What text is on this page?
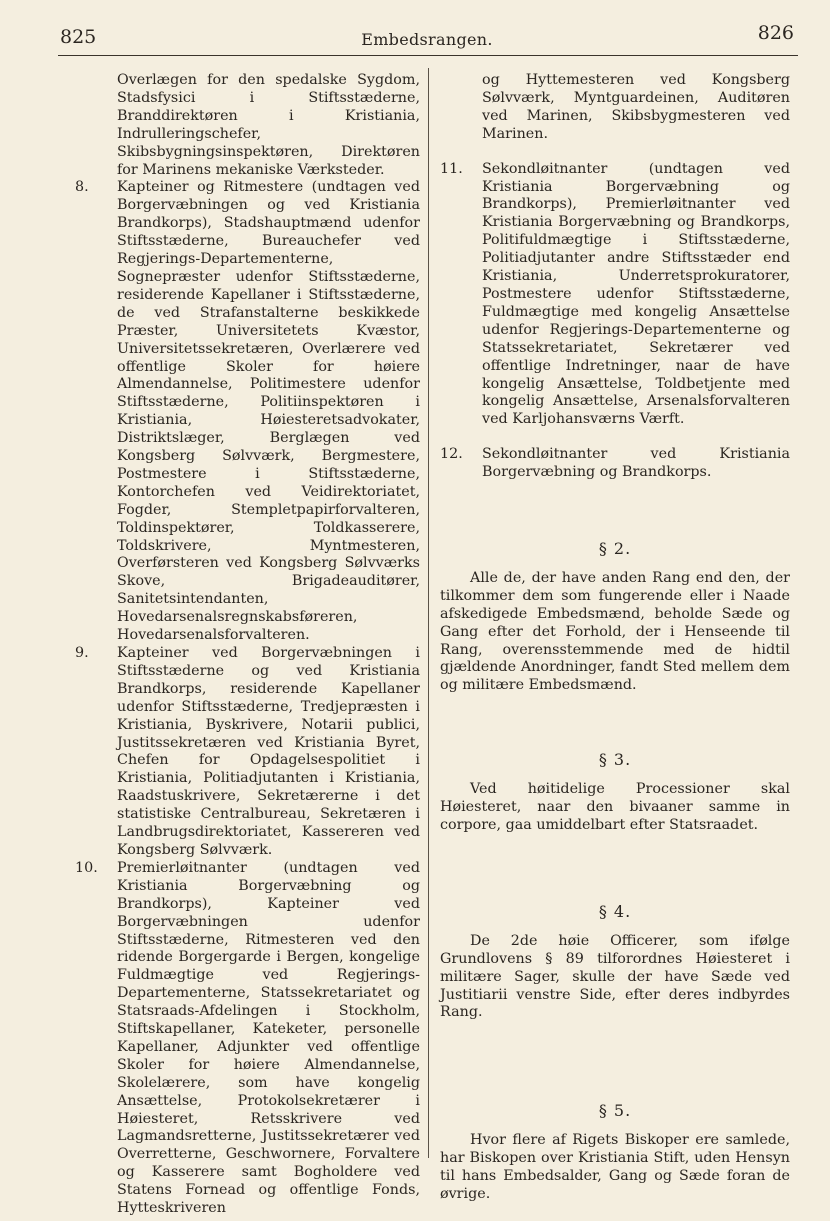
825	Embedsrangen.	826
Overlægen for den spedalske Sygdom, Stadsfysici i Stiftsstæderne, Branddirektøren i Kristiania, Indrulleringschefer, Skibsbygningsinspektøren, Direktøren for Marinens mekaniske Værksteder.
8.	Kapteiner og Ritmestere (undtagen ved Borgervæbningen og ved Kristiania Brandkorps), Stadshauptmænd udenfor Stiftsstæderne, Bureauchefer ved Regjerings-Departementerne, Sognepræster udenfor Stiftsstæderne, residerende Kapellaner i Stiftsstæderne, de ved Strafanstalterne beskikkede Præster, Universitetets Kvæstor, Universitetssekretæren, Overlærere ved offentlige Skoler for høiere Almendannelse, Politimestere udenfor Stiftsstæderne, Politiinspektøren i Kristiania, Høiesteretsadvokater, Distriktslæger, Berglægen ved Kongsberg Sølvværk, Bergmestere, Postmestere i Stiftsstæderne, Kontorchefen ved Veidirektoriatet, Fogder, Stempletpapirforvalteren, Toldinspektører, Toldkasserere, Toldskrivere, Myntmesteren, Overførsteren ved Kongsberg Sølvværks Skove, Brigadeauditører, Sanitetsintendanten, Hovedarsenalsregnskabsføreren, Hovedarsenalsforvalteren.
9.	Kapteiner ved Borgervæbningen i Stiftsstæderne og ved Kristiania Brandkorps, residerende Kapellaner udenfor Stiftsstæderne, Tredjepræsten i Kristiania, Byskrivere, Notarii publici, Justitssekretæren ved Kristiania Byret, Chefen for Opdagelsespolitiet i Kristiania, Politiadjutanten i Kristiania, Raadstuskrivere, Sekretærerne i det statistiske Centralbureau, Sekretæren i Landbrugsdirektoriatet, Kassereren ved Kongsberg Sølvværk.
10.	Premierløitnanter (undtagen ved Kristiania Borgervæbning og Brandkorps), Kapteiner ved Borgervæbningen udenfor Stiftsstæderne, Ritmesteren ved den ridende Borgergarde i Bergen, kongelige Fuldmægtige ved Regjerings-Departementerne, Statssekretariatet og Statsraads-Afdelingen i Stockholm, Stiftskapellaner, Kateketer, personelle Kapellaner, Adjunkter ved offentlige Skoler for høiere Almendannelse, Skolelærere, som have kongelig Ansættelse, Protokolsekretærer i Høiesteret, Retsskrivere ved Lagmandsretterne, Justitssekretærer ved Overretterne, Geschwornere, Forvaltere og Kasserere samt Bogholdere ved Statens Fornead og offentlige Fonds, Hytteskriveren
og Hyttemesteren ved Kongsberg Sølvværk, Myntguardeinen, Auditøren ved Marinen, Skibsbygmesteren ved Marinen.
11.	Sekondløitnanter (undtagen ved Kristiania Borgervæbning og Brandkorps), Premierløitnanter ved Kristiania Borgervæbning og Brandkorps, Politifuldmægtige i Stiftsstæderne, Politiadjutanter andre Stiftsstæder end Kristiania, Underretsprokuratorer, Postmestere udenfor Stiftsstæderne, Fuldmægtige med kongelig Ansættelse udenfor Regjerings-Departementerne og Statssekretariatet, Sekretærer ved offentlige Indretninger, naar de have kongelig Ansættelse, Toldbetjente med kongelig Ansættelse, Arsenalsforvalteren ved Karljohansværns Værft.
12.	Sekondløitnanter ved Kristiania Borgervæbning og Brandkorps.
§ 2.

Alle de, der have anden Rang end den, der tilkommer dem som fungerende eller i Naade afskedigede Embedsmænd, beholde Sæde og Gang efter det Forhold, der i Henseende til Rang, overensstemmende med de hidtil gjældende Anordninger, fandt Sted mellem dem og militære Embedsmænd.

§ 3.

Ved høitidelige Processioner skal Høiesteret, naar den bivaaner samme in corpore, gaa umiddelbart efter Statsraadet.

§ 4.

De 2de høie Officerer, som ifølge Grundlovens § 89 tilforordnes Høiesteret i militære Sager, skulle der have Sæde ved Justitiarii venstre Side, efter deres indbyrdes Rang.

§ 5.

Hvor flere af Rigets Biskoper ere samlede, har Biskopen over Kristiania Stift, uden Hensyn til hans Embedsalder, Gang og Sæde foran de øvrige.
